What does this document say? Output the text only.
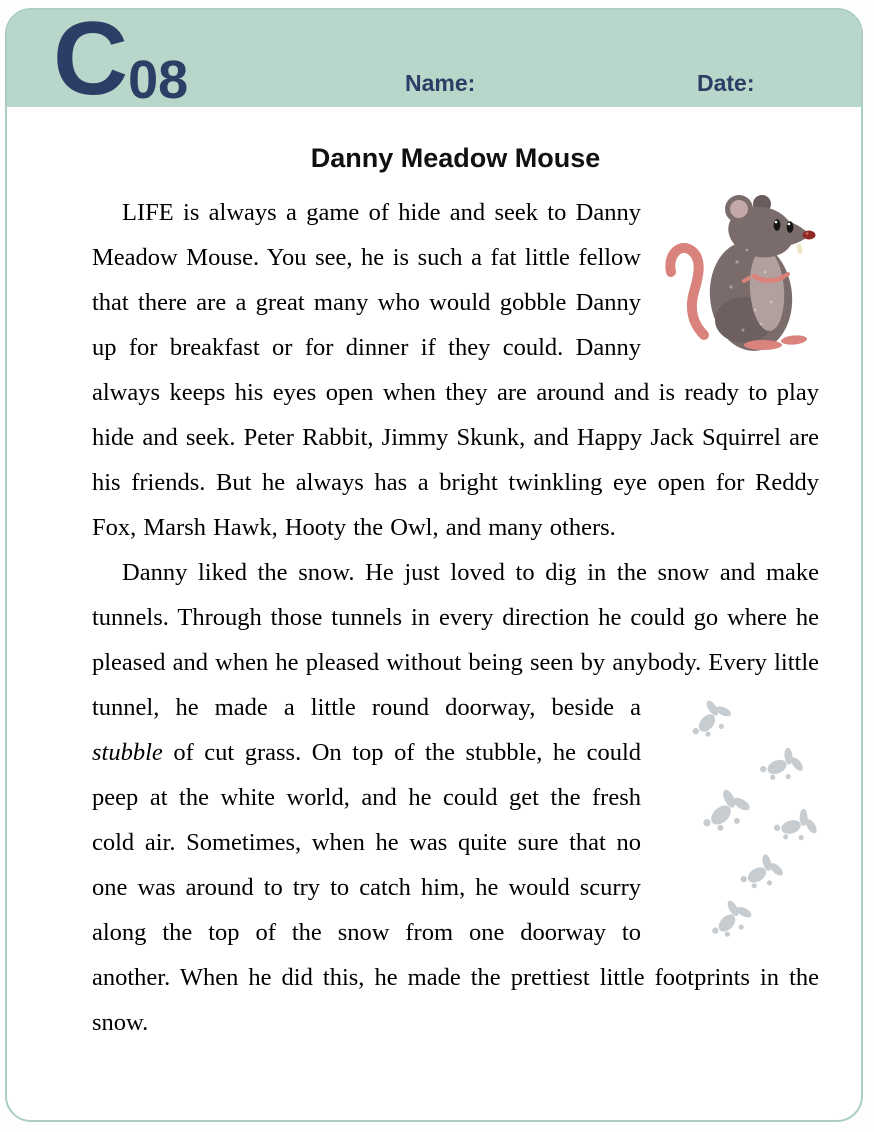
C 08	Name:	Date:
Danny Meadow Mouse

LIFE is always a game of hide and seek to Danny Meadow Mouse. You see, he is such a fat little fellow that there are a great many who would gobble Danny up for breakfast or for dinner if they could. Danny always keeps his eyes open when they are around and is ready to play hide and seek. Peter Rabbit, Jimmy Skunk, and Happy Jack Squirrel are his friends. But he always has a bright twinkling eye open for Reddy Fox, Marsh Hawk, Hooty the Owl, and many others.

Danny liked the snow. He just loved to dig in the snow and make tunnels. Through those tunnels in every direction he could go where he pleased and when he pleased without being seen by anybody. Every little tunnel, he made a little round doorway,
beside a stubble of cut grass. On top of the stubble, he could peep at the white world, and he could get the fresh cold air. Sometimes, when he was quite sure that no one was around to try to catch him, he would scurry along the top of the snow from one doorway to another. When he did this, he made the prettiest little footprints in the snow.
